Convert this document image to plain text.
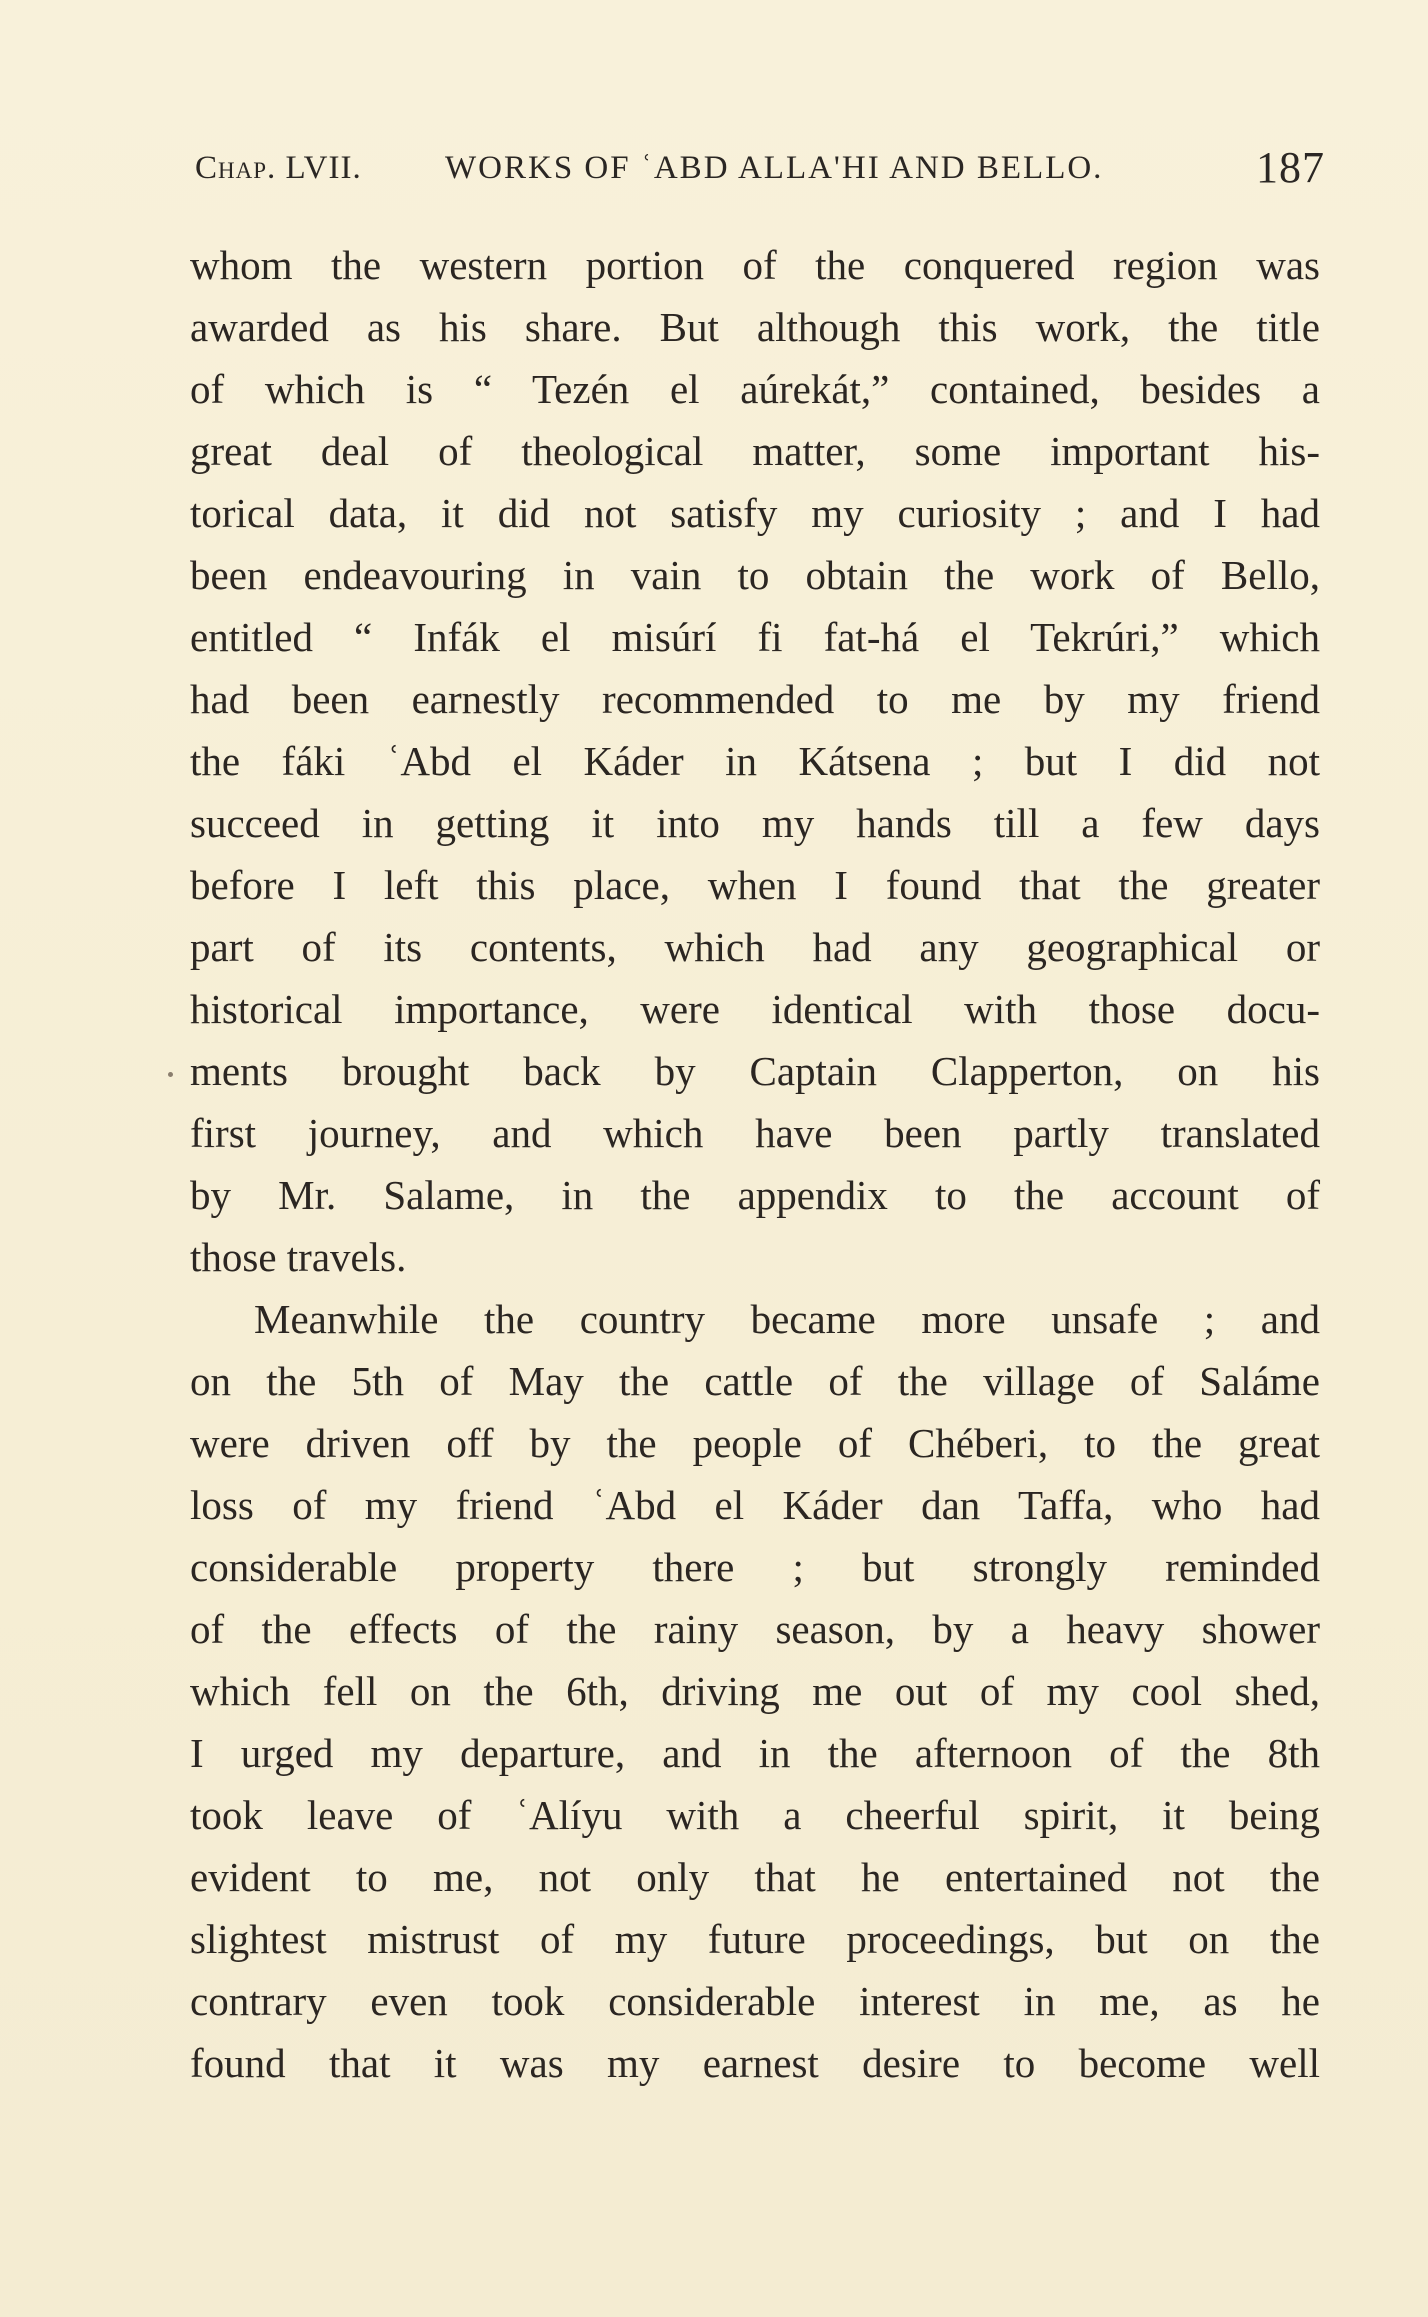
Chap. LVII.	WORKS OF ʿABD ALLA'HI AND BELLO.	187
whom the western portion of the conquered region was
awarded as his share. But although this work, the title
of which is “ Tezén el aúrekát,” contained, besides a
great deal of theological matter, some important his-
torical data, it did not satisfy my curiosity ; and I had
been endeavouring in vain to obtain the work of Bello,
entitled “ Infák el misúrí fi fat-há el Tekrúri,” which
had been earnestly recommended to me by my friend
the fáki ʿAbd el Káder in Kátsena ; but I did not
succeed in getting it into my hands till a few days
before I left this place, when I found that the greater
part of its contents, which had any geographical or
historical importance, were identical with those docu-
ments brought back by Captain Clapperton, on his
first journey, and which have been partly translated
by Mr. Salame, in the appendix to the account of
those travels.
Meanwhile the country became more unsafe ; and
on the 5th of May the cattle of the village of Saláme
were driven off by the people of Chéberi, to the great
loss of my friend ʿAbd el Káder dan Taffa, who had
considerable property there ; but strongly reminded
of the effects of the rainy season, by a heavy shower
which fell on the 6th, driving me out of my cool shed,
I urged my departure, and in the afternoon of the 8th
took leave of ʿAlíyu with a cheerful spirit, it being
evident to me, not only that he entertained not the
slightest mistrust of my future proceedings, but on the
contrary even took considerable interest in me, as he
found that it was my earnest desire to become well
